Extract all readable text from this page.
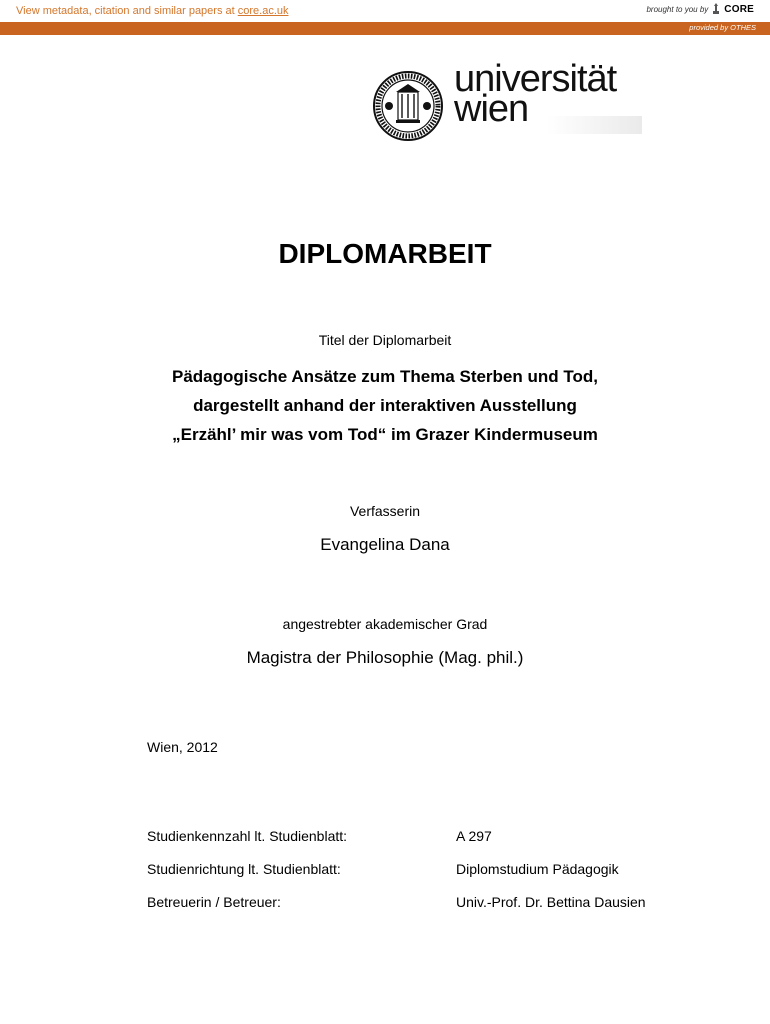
View metadata, citation and similar papers at core.ac.uk	brought to you by CORE
provided by OTHES
universität
wien
DIPLOMARBEIT
Titel der Diplomarbeit
Pädagogische Ansätze zum Thema Sterben und Tod,
dargestellt anhand der interaktiven Ausstellung
„Erzähl’ mir was vom Tod“ im Grazer Kindermuseum
Verfasserin
Evangelina Dana
angestrebter akademischer Grad
Magistra der Philosophie (Mag. phil.)
Wien, 2012
Studienkennzahl lt. Studienblatt:	A 297
Studienrichtung lt. Studienblatt:	Diplomstudium Pädagogik
Betreuerin / Betreuer:	Univ.-Prof. Dr. Bettina Dausien
